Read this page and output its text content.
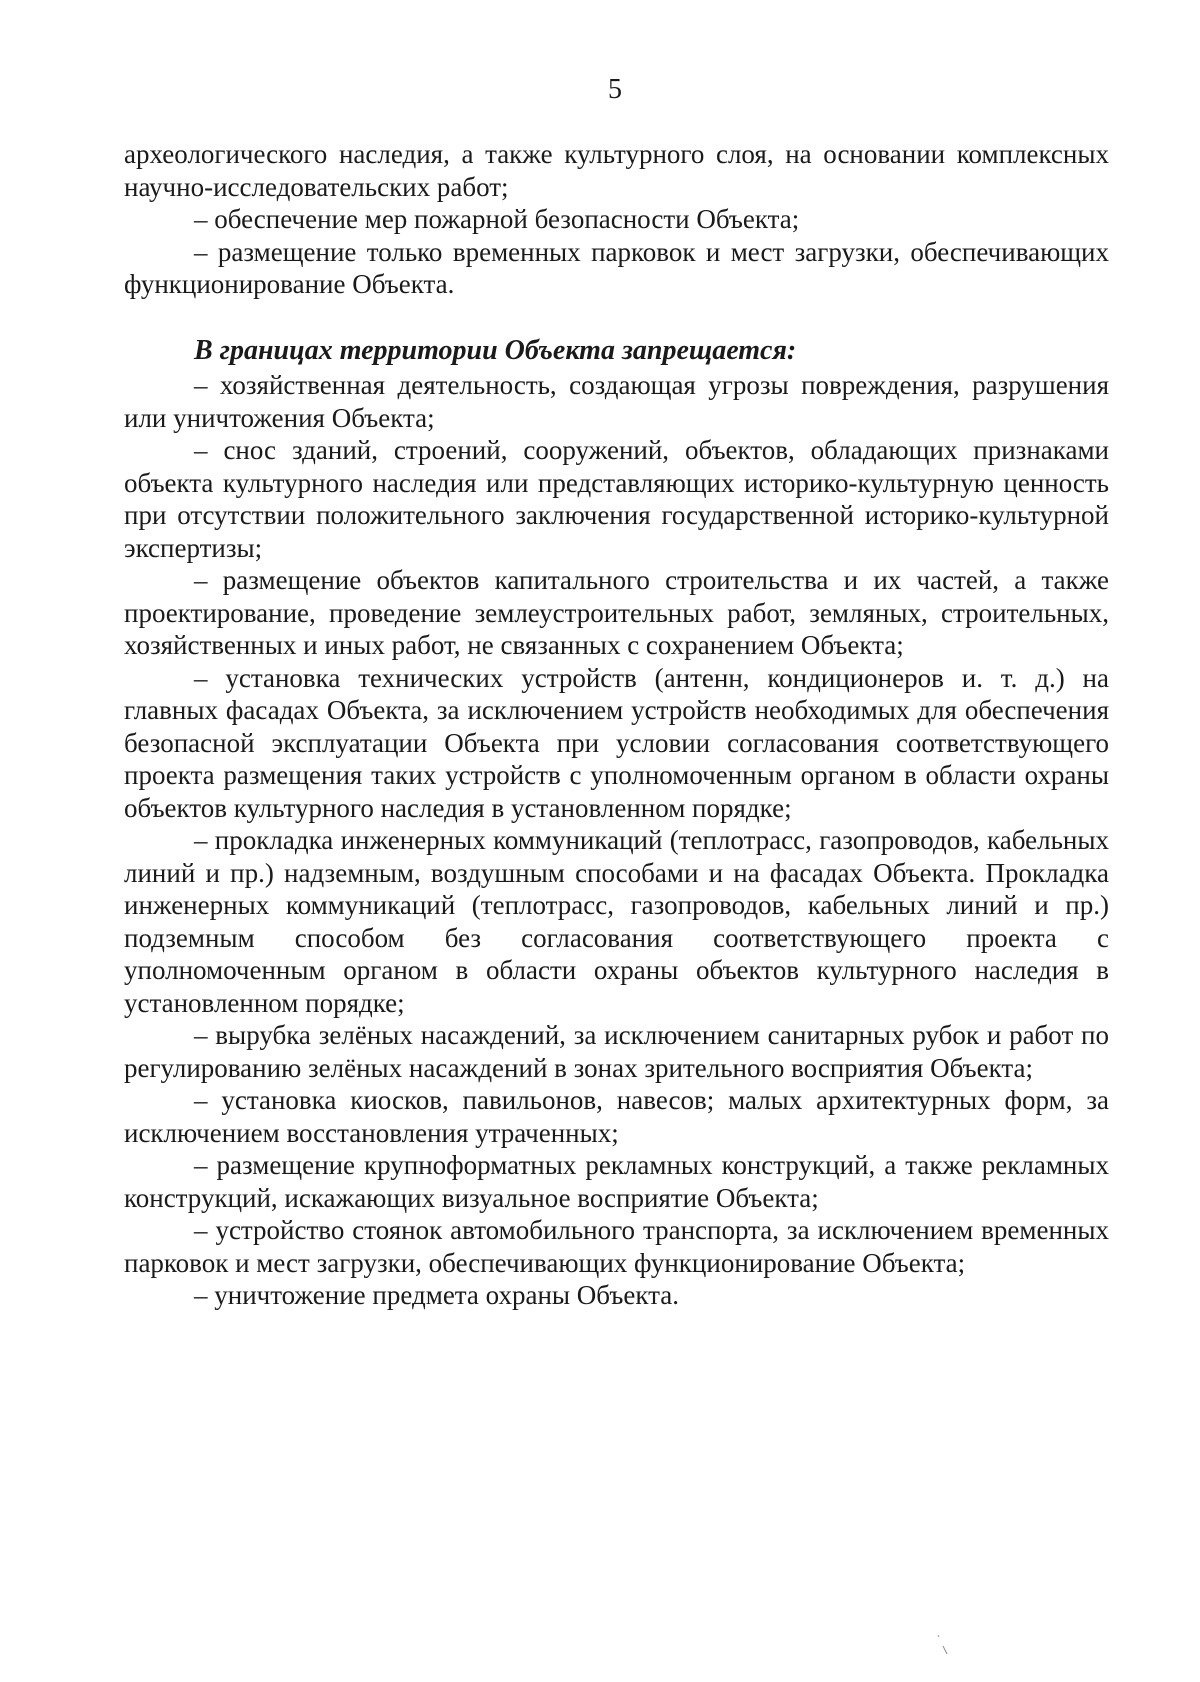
5

археологического наследия, а также культурного слоя, на основании комплексных научно-исследовательских работ;

– обеспечение мер пожарной безопасности Объекта;

– размещение только временных парковок и мест загрузки, обеспечивающих функционирование Объекта.

В границах территории Объекта запрещается:

– хозяйственная деятельность, создающая угрозы повреждения, разрушения или уничтожения Объекта;

– снос зданий, строений, сооружений, объектов, обладающих признаками объекта культурного наследия или представляющих историко-культурную ценность при отсутствии положительного заключения государственной историко-культурной экспертизы;

– размещение объектов капитального строительства и их частей, а также проектирование, проведение землеустроительных работ, земляных, строительных, хозяйственных и иных работ, не связанных с сохранением Объекта;

– установка технических устройств (антенн, кондиционеров и. т. д.) на главных фасадах Объекта, за исключением устройств необходимых для обеспечения безопасной эксплуатации Объекта при условии согласования соответствующего проекта размещения таких устройств с уполномоченным органом в области охраны объектов культурного наследия в установленном порядке;

– прокладка инженерных коммуникаций (теплотрасс, газопроводов, кабельных линий и пр.) надземным, воздушным способами и на фасадах Объекта. Прокладка инженерных коммуникаций (теплотрасс, газопроводов, кабельных линий и пр.) подземным способом без согласования соответствующего проекта с уполномоченным органом в области охраны объектов культурного наследия в установленном порядке;

– вырубка зелёных насаждений, за исключением санитарных рубок и работ по регулированию зелёных насаждений в зонах зрительного восприятия Объекта;

– установка киосков, павильонов, навесов; малых архитектурных форм, за исключением восстановления утраченных;

– размещение крупноформатных рекламных конструкций, а также рекламных конструкций, искажающих визуальное восприятие Объекта;

– устройство стоянок автомобильного транспорта, за исключением временных парковок и мест загрузки, обеспечивающих функционирование Объекта;

– уничтожение предмета охраны Объекта.
